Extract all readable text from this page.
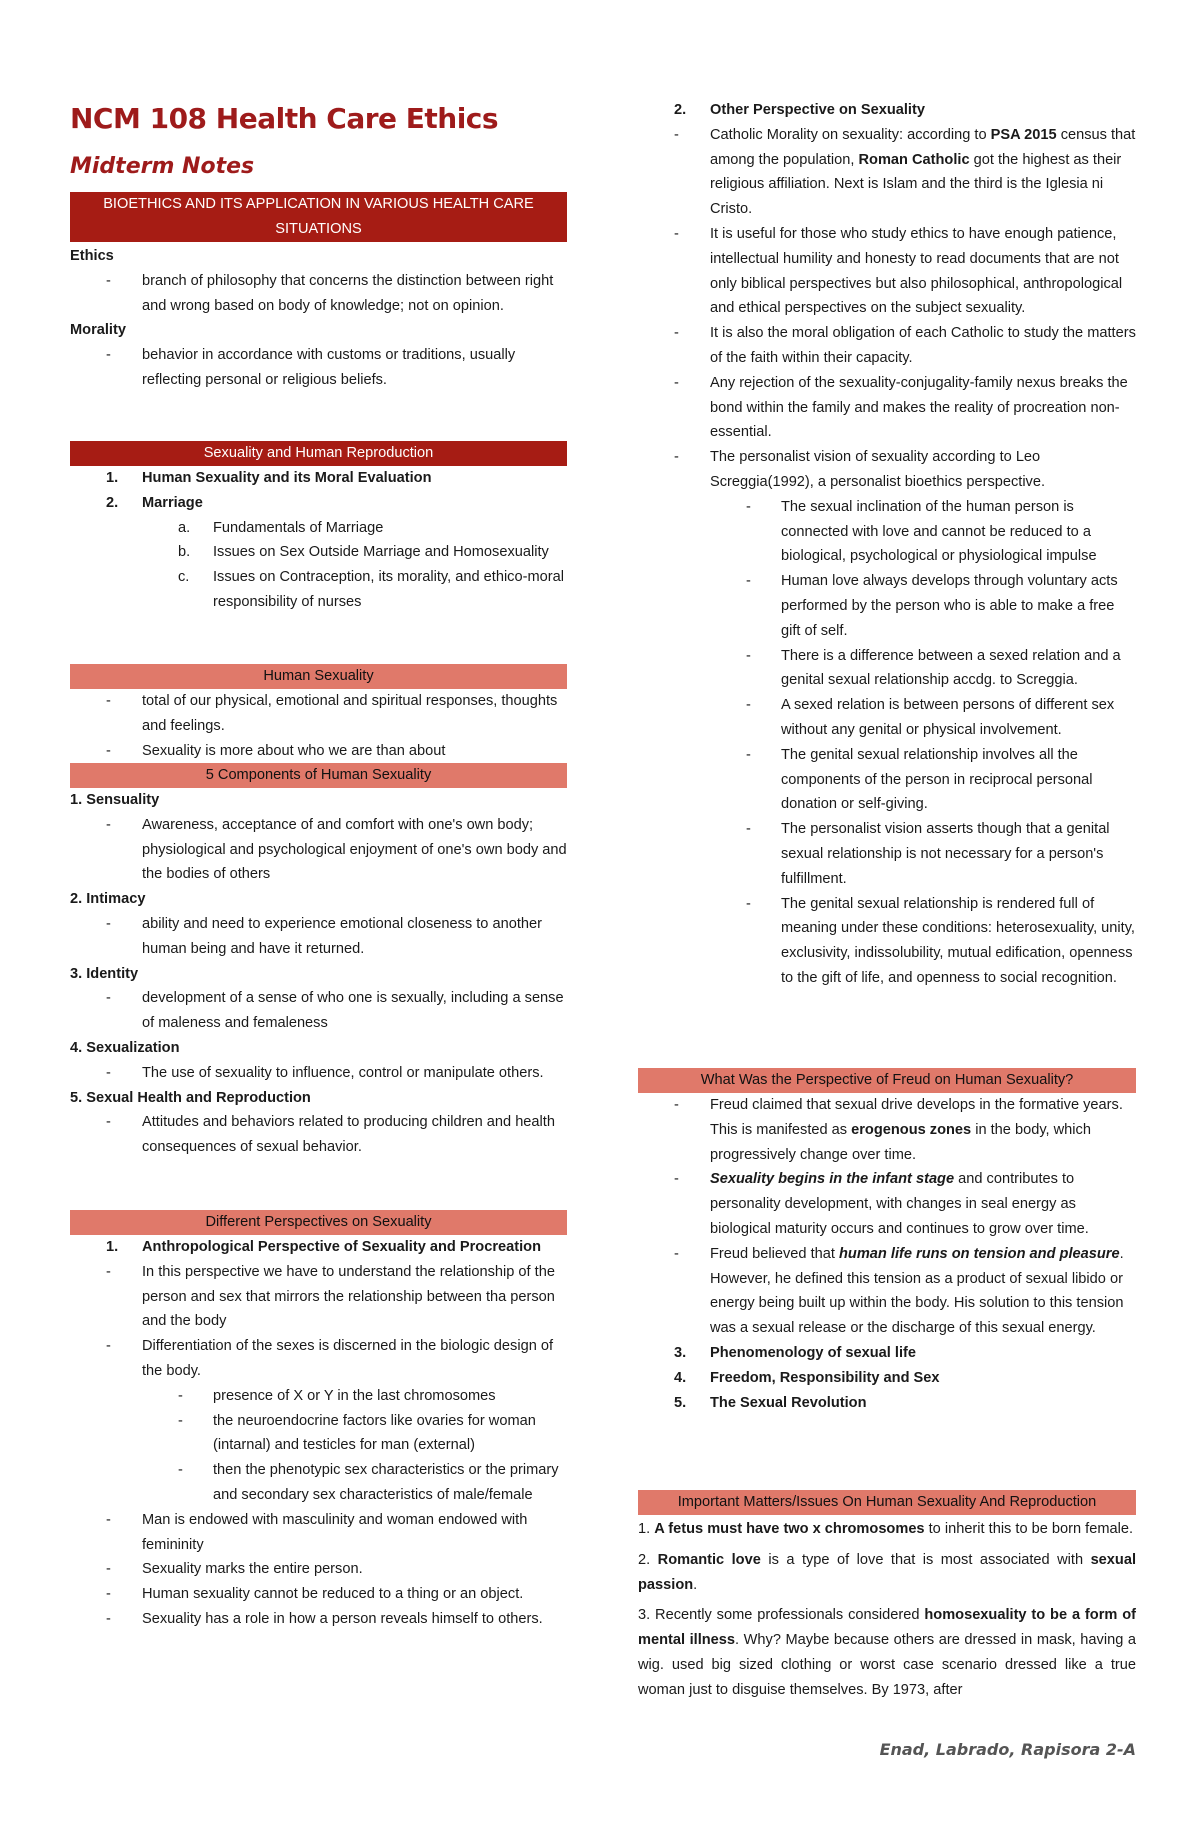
NCM 108 Health Care Ethics
Midterm Notes
BIOETHICS AND ITS APPLICATION IN VARIOUS HEALTH CARE SITUATIONS
Ethics
- branch of philosophy that concerns the distinction between right and wrong based on body of knowledge; not on opinion.
Morality
- behavior in accordance with customs or traditions, usually reflecting personal or religious beliefs.
Sexuality and Human Reproduction
1. Human Sexuality and its Moral Evaluation
2. Marriage
a. Fundamentals of Marriage
b. Issues on Sex Outside Marriage and Homosexuality
c. Issues on Contraception, its morality, and ethico-moral responsibility of nurses
Human Sexuality
- total of our physical, emotional and spiritual responses, thoughts and feelings.
- Sexuality is more about who we are than about
5 Components of Human Sexuality
1. Sensuality
- Awareness, acceptance of and comfort with one's own body; physiological and psychological enjoyment of one's own body and the bodies of others
2. Intimacy
- ability and need to experience emotional closeness to another human being and have it returned.
3. Identity
- development of a sense of who one is sexually, including a sense of maleness and femaleness
4. Sexualization
- The use of sexuality to influence, control or manipulate others.
5. Sexual Health and Reproduction
- Attitudes and behaviors related to producing children and health consequences of sexual behavior.
Different Perspectives on Sexuality
1. Anthropological Perspective of Sexuality and Procreation
- In this perspective we have to understand the relationship of the person and sex that mirrors the relationship between tha person and the body
- Differentiation of the sexes is discerned in the biologic design of the body.
- presence of X or Y in the last chromosomes
- the neuroendocrine factors like ovaries for woman (intarnal) and testicles for man (external)
- then the phenotypic sex characteristics or the primary and secondary sex characteristics of male/female
- Man is endowed with masculinity and woman endowed with femininity
- Sexuality marks the entire person.
- Human sexuality cannot be reduced to a thing or an object.
- Sexuality has a role in how a person reveals himself to others.
2. Other Perspective on Sexuality
- Catholic Morality on sexuality: according to PSA 2015 census that among the population, Roman Catholic got the highest as their religious affiliation. Next is Islam and the third is the Iglesia ni Cristo.
- It is useful for those who study ethics to have enough patience, intellectual humility and honesty to read documents that are not only biblical perspectives but also philosophical, anthropological and ethical perspectives on the subject sexuality.
- It is also the moral obligation of each Catholic to study the matters of the faith within their capacity.
- Any rejection of the sexuality-conjugality-family nexus breaks the bond within the family and makes the reality of procreation non- essential.
- The personalist vision of sexuality according to Leo Screggia(1992), a personalist bioethics perspective.
- The sexual inclination of the human person is connected with love and cannot be reduced to a biological, psychological or physiological impulse
- Human love always develops through voluntary acts performed by the person who is able to make a free gift of self.
- There is a difference between a sexed relation and a genital sexual relationship accdg. to Screggia.
- A sexed relation is between persons of different sex without any genital or physical involvement.
- The genital sexual relationship involves all the components of the person in reciprocal personal donation or self-giving.
- The personalist vision asserts though that a genital sexual relationship is not necessary for a person's fulfillment.
- The genital sexual relationship is rendered full of meaning under these conditions: heterosexuality, unity, exclusivity, indissolubility, mutual edification, openness to the gift of life, and openness to social recognition.
What Was the Perspective of Freud on Human Sexuality?
- Freud claimed that sexual drive develops in the formative years. This is manifested as erogenous zones in the body, which progressively change over time.
- Sexuality begins in the infant stage and contributes to personality development, with changes in seal energy as biological maturity occurs and continues to grow over time.
- Freud believed that human life runs on tension and pleasure. However, he defined this tension as a product of sexual libido or energy being built up within the body. His solution to this tension was a sexual release or the discharge of this sexual energy.
3. Phenomenology of sexual life
4. Freedom, Responsibility and Sex
5. The Sexual Revolution
Important Matters/Issues On Human Sexuality And Reproduction

1. A fetus must have two x chromosomes to inherit this to be born female.

2. Romantic love is a type of love that is most associated with sexual passion.

3. Recently some professionals considered homosexuality to be a form of mental illness. Why? Maybe because others are dressed in mask, having a wig. used big sized clothing or worst case scenario dressed like a true woman just to disguise themselves. By 1973, after

Enad, Labrado, Rapisora 2-A
